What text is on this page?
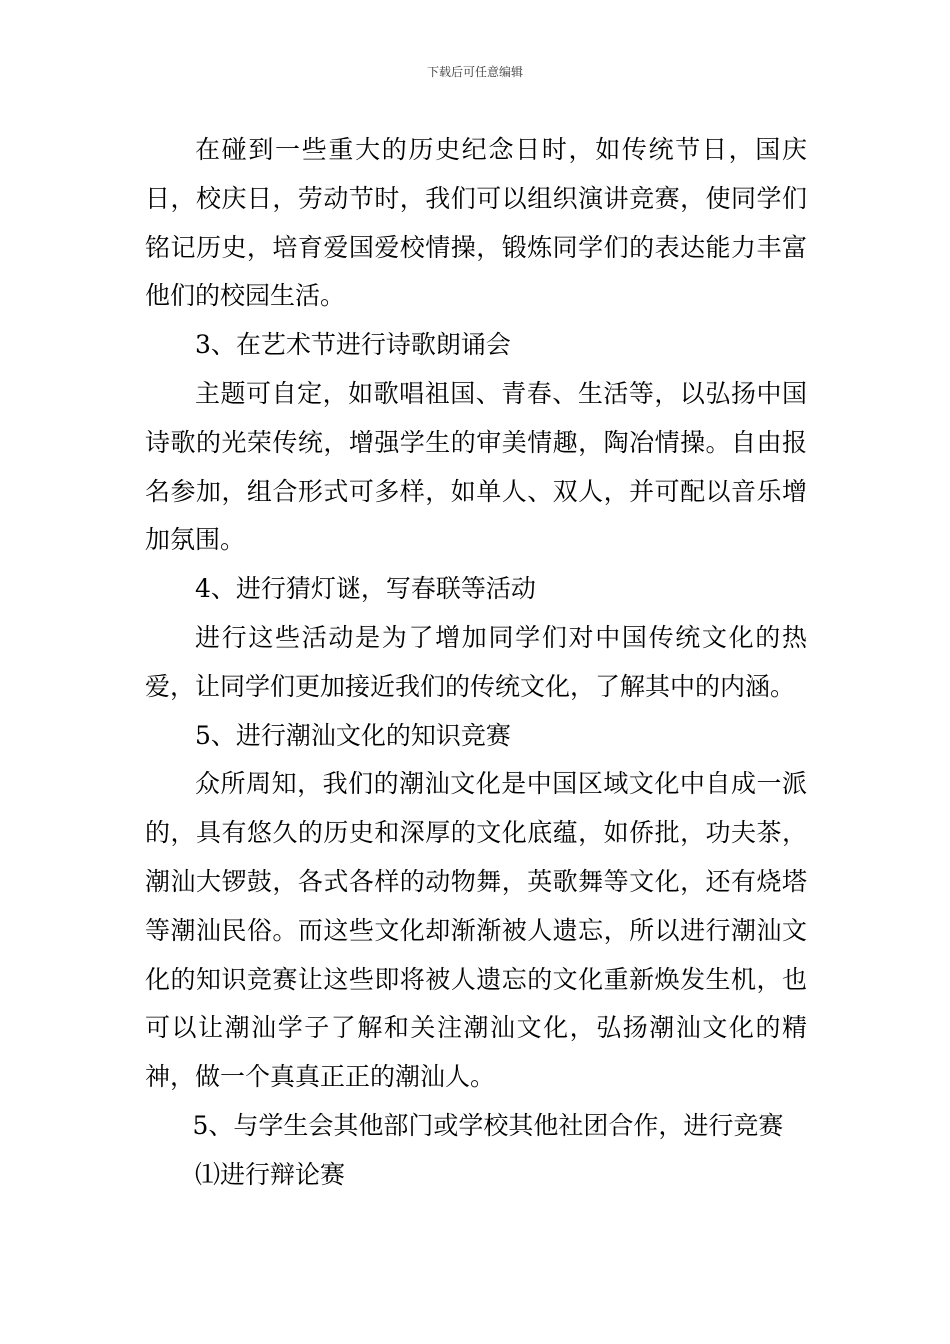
下载后可任意编辑

在碰到一些重大的历史纪念日时，如传统节日，国庆日，校庆日，劳动节时，我们可以组织演讲竞赛，使同学们铭记历史，培育爱国爱校情操，锻炼同学们的表达能力丰富他们的校园生活。

3、在艺术节进行诗歌朗诵会

主题可自定，如歌唱祖国、青春、生活等，以弘扬中国诗歌的光荣传统，增强学生的审美情趣，陶冶情操。自由报名参加，组合形式可多样，如单人、双人，并可配以音乐增加氛围。

4、进行猜灯谜，写春联等活动

进行这些活动是为了增加同学们对中国传统文化的热爱，让同学们更加接近我们的传统文化，了解其中的内涵。

5、进行潮汕文化的知识竞赛

众所周知，我们的潮汕文化是中国区域文化中自成一派的，具有悠久的历史和深厚的文化底蕴，如侨批，功夫茶，潮汕大锣鼓，各式各样的动物舞，英歌舞等文化，还有烧塔等潮汕民俗。而这些文化却渐渐被人遗忘，所以进行潮汕文化的知识竞赛让这些即将被人遗忘的文化重新焕发生机，也可以让潮汕学子了解和关注潮汕文化，弘扬潮汕文化的精神，做一个真真正正的潮汕人。

5、与学生会其他部门或学校其他社团合作，进行竞赛

⑴进行辩论赛
